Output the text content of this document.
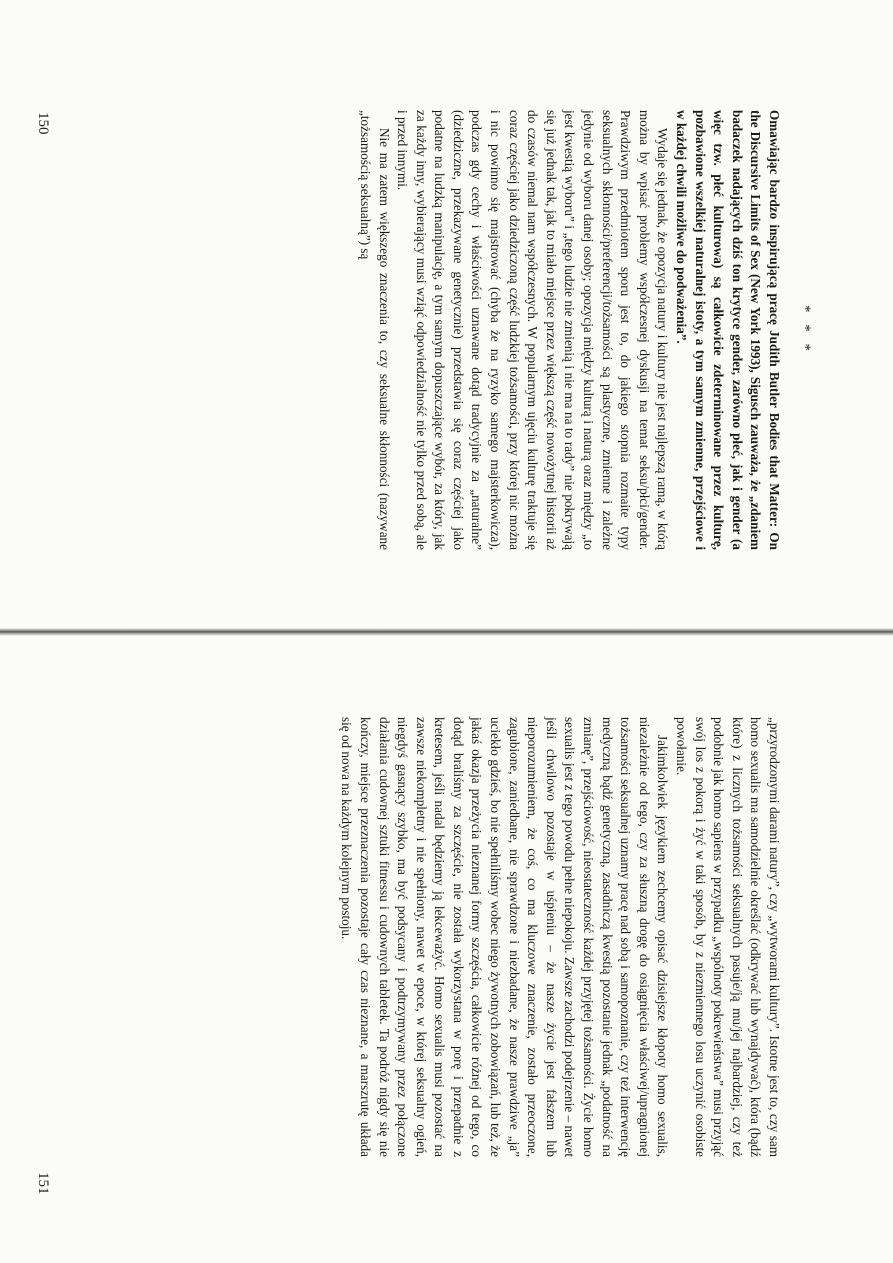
* * *

Omawiając bardzo inspirującą pracę Judith Butler Bodies that Matter: On the Discursive Limits of Sex (New York 1993), Sigusch zauważa, że „zdaniem badaczek nadających dziś ton krytyce gender, zarówno płeć, jak i gender (a więc tzw. płeć kulturowa) są całkowicie zdeterminowane przez kulturę, pozbawione wszelkiej naturalnej istoty, a tym samym zmienne, przejściowe i w każdej chwili możliwe do podważenia”.

Wydaje się jednak, że opozycja natury i kultury nie jest najlepszą ramą, w którą można by wpisać problemy współczesnej dyskusji na temat seksu/płci/gender. Prawdziwym przedmiotem sporu jest to, do jakiego stopnia rozmaite typy seksualnych skłonności/preferencji/tożsamości są plastyczne, zmienne i zależne jedynie od wyboru danej osoby; opozycja między kulturą i naturą oraz między „to jest kwestią wyboru” i „tego ludzie nie zmienią i nie ma na to rady” nie pokrywają się już jednak tak, jak to miało miejsce przez większą część nowożytnej historii aż do czasów niemal nam współczesnych. W popularnym ujęciu kulturę traktuje się coraz częściej jako dziedziczoną część ludzkiej tożsamości, przy której nic można i nic powinno się majstrować (chyba że na ryzyko samego majsterkowicza), podczas gdy cechy i właściwości uznawane dotąd tradycyjnie za „naturalne” (dziedziczne, przekazywane genetycznie) przedstawia się coraz częściej jako podatne na ludzką manipulację, a tym samym dopuszczające wybór, za który, jak za każdy inny, wybierający musi wziąć odpowiedzialność nie tylko przed sobą, ale i przed innymi.

Nie ma zatem większego znaczenia to, czy seksualne skłonności (nazywane „tożsamością seksualną”) są

150

„przyrodzonymi darami natury”, czy „wytworami kultury”. Istotne jest to, czy sam homo sexualis ma samodzielnie określać (odkrywać lub wynajdywać), która (bądź które) z licznych tożsamości seksualnych pasuje/ją mu/jej najbardziej, czy też podobnie jak homo sapiens w przypadku „wspólnoty pokrewieństwa” musi przyjąć swój los z pokorą i żyć w taki sposób, by z niezmiennego losu uczynić osobiste powołanie.

Jakimkolwiek językiem zechcemy opisać dzisiejsze kłopoty homo sexualis, niezależnie od tego, czy za słuszną drogę do osiągnięcia właściwej/upragnionej tożsamości seksualnej uznamy pracę nad sobą i samopoznanie, czy też interwencję medyczną bądź genetyczną, zasadniczą kwestią pozostanie jednak „podatność na zmianę”, przejściowość, nieostateczność każdej przyjętej tożsamości. Życie homo sexualis jest z tego powodu pełne niepokoju. Zawsze zachodzi podejrzenie – nawet jeśli chwilowo pozostaje w uśpieniu – że nasze życie jest fałszem lub nieporozumieniem, że coś, co ma kluczowe znaczenie, zostało przeoczone, zagubione, zaniedbane, nie sprawdzone i niezbadane, że nasze prawdziwe „ja” uciekło gdzieś, bo nie spełniliśmy wobec niego żywotnych zobowiązań, lub też, że jakaś okazja przeżycia nieznanej formy szczęścia, całkowicie różnej od tego, co dotąd braliśmy za szczęście, nie została wykorzystana w porę i przepadnie z kretesem, jeśli nadal będziemy ją lekceważyć. Homo sexualis musi pozostać na zawsze niekompletny i nie spełniony, nawet w epoce, w której seksualny ogień, niegdyś gasnący szybko, ma być podsycany i podtrzymywany przez połączone działania cudownej sztuki fitnessu i cudownych tabletek. Ta podróż nigdy się nie kończy, miejsce przeznaczenia pozostaje cały czas nieznane, a marszrutę układa się od nowa na każdym kolejnym postoju.

151
